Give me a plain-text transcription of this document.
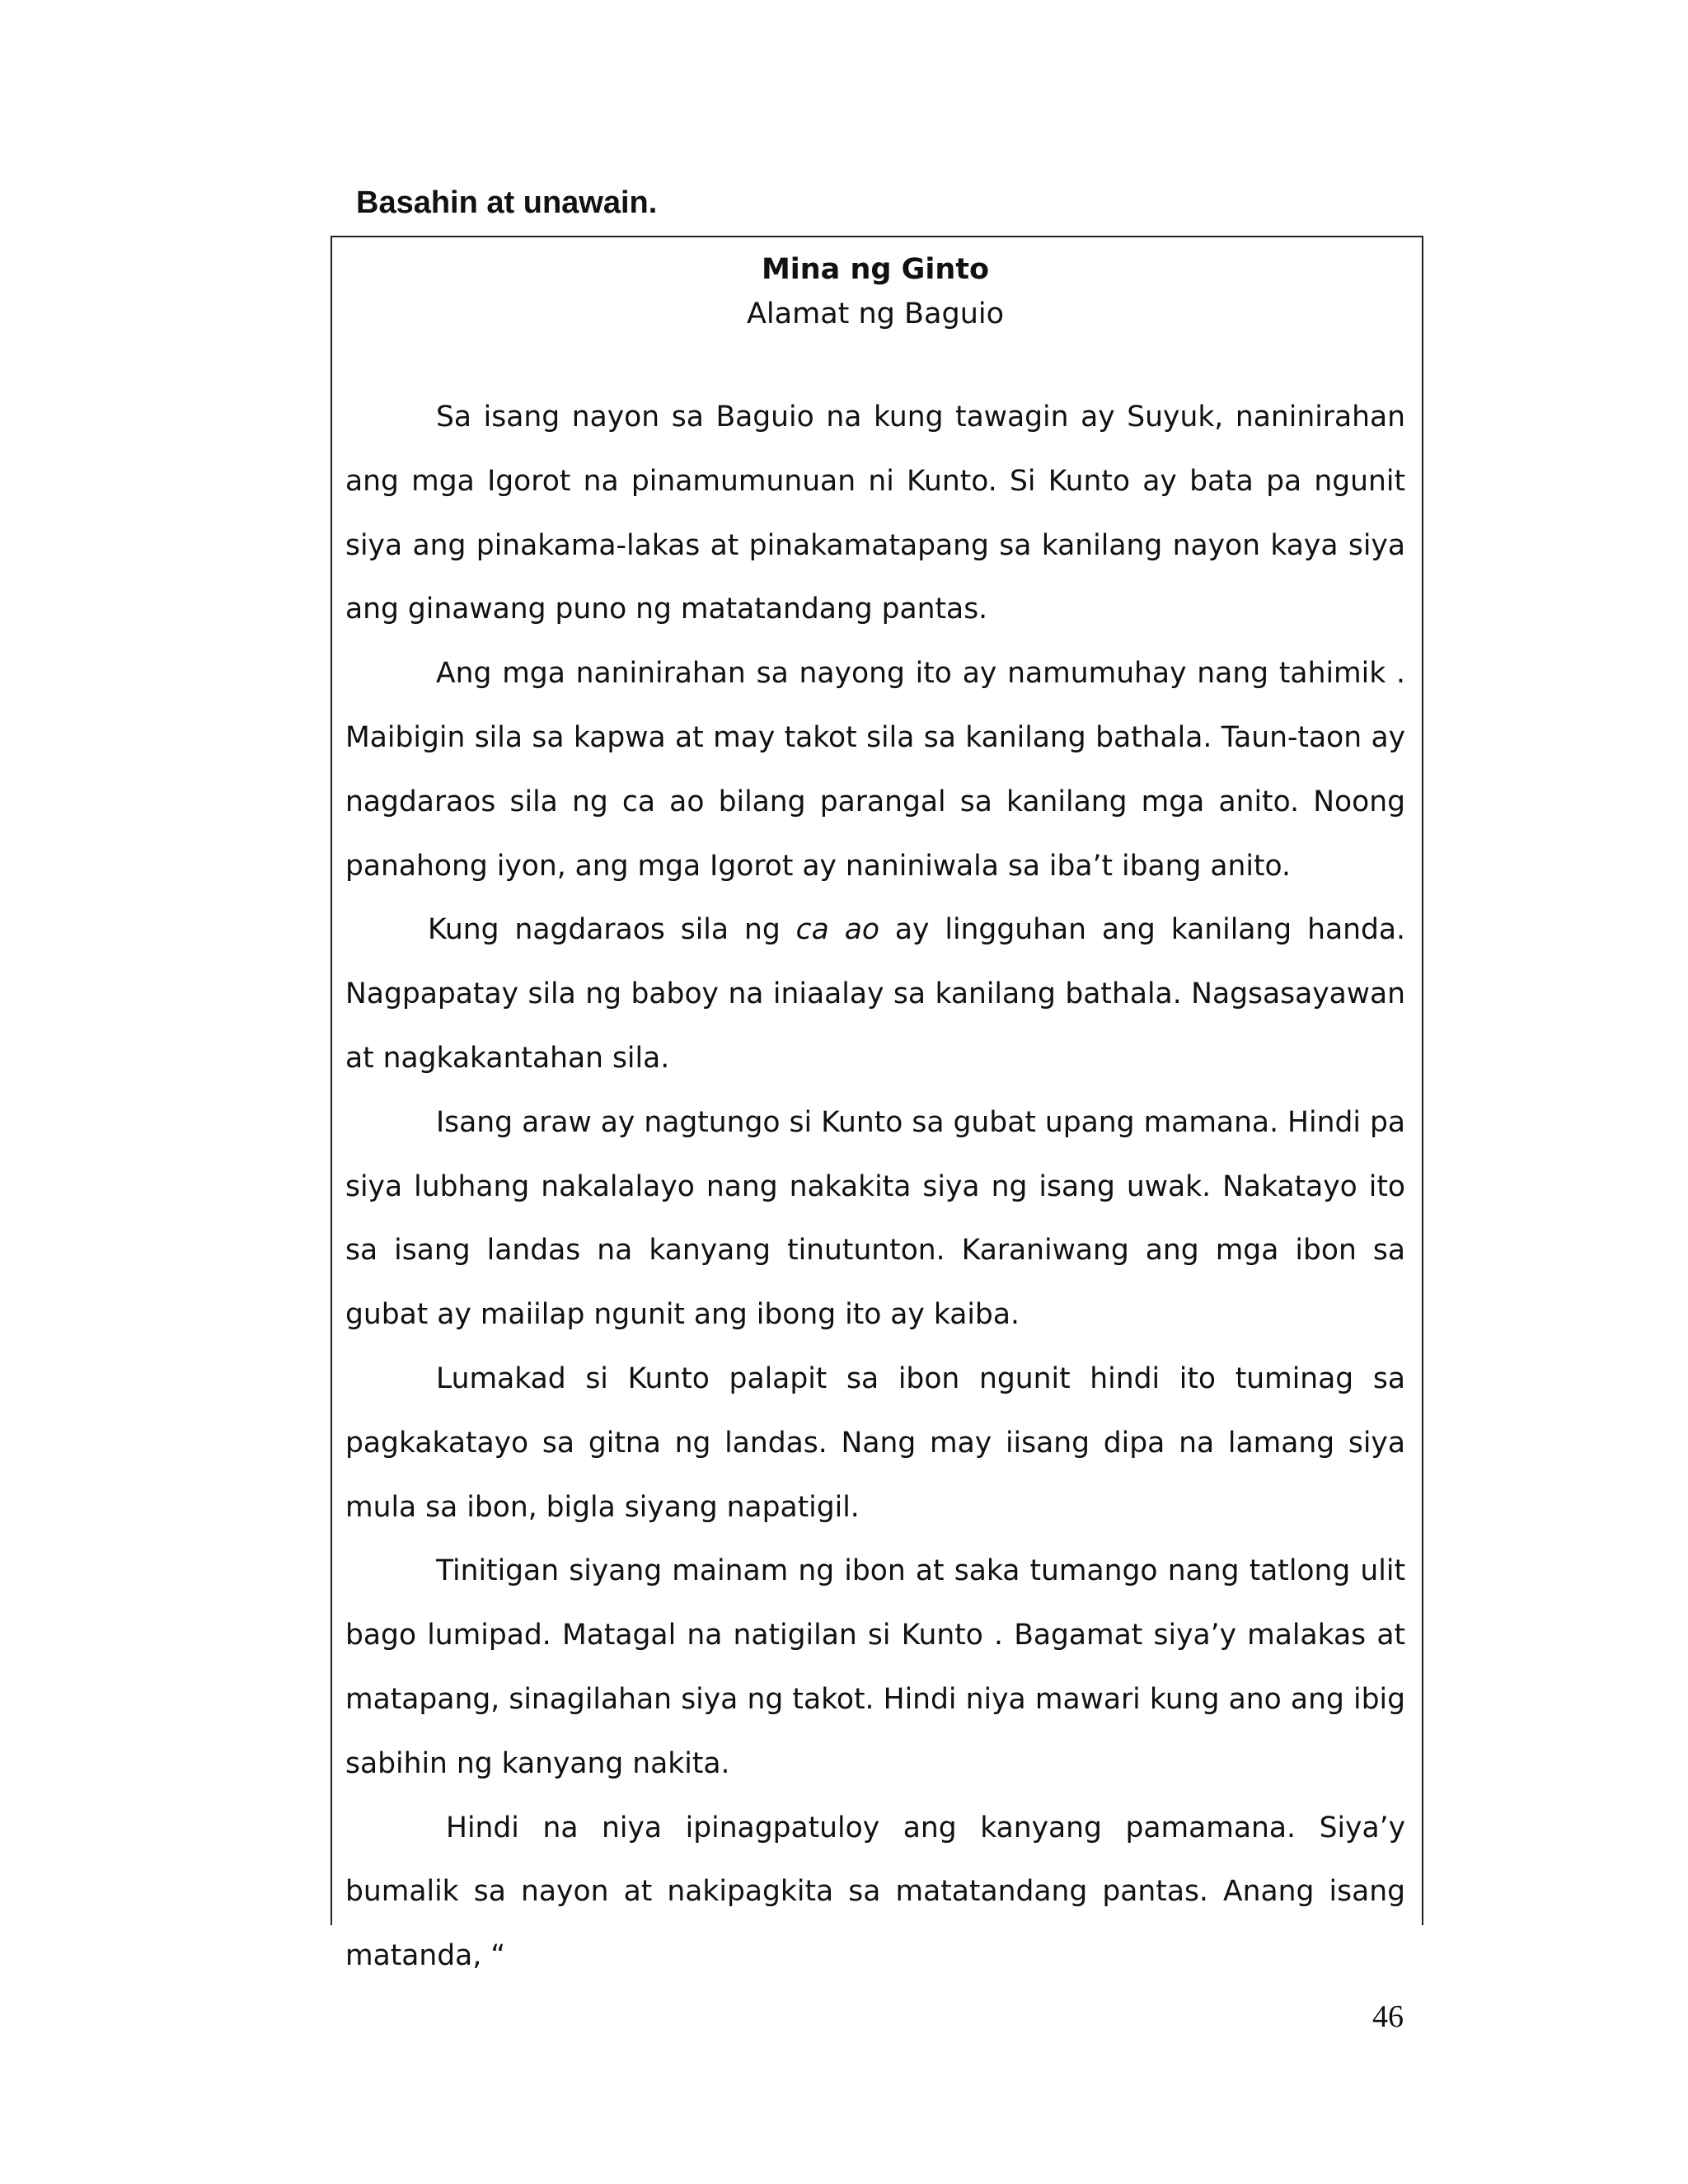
Basahin at unawain.

Mina ng Ginto

Alamat ng Baguio

Sa isang nayon sa Baguio na kung tawagin ay Suyuk, naninirahan ang mga Igorot na pinamumunuan ni Kunto. Si Kunto ay bata pa ngunit siya ang pinakama-lakas at pinakamatapang sa kanilang nayon kaya siya ang ginawang puno ng matatandang pantas.

Ang mga naninirahan sa nayong ito ay namumuhay nang tahimik . Maibigin sila sa kapwa at may takot sila sa kanilang bathala. Taun-taon ay nagdaraos sila ng ca ao bilang parangal sa kanilang mga anito. Noong panahong iyon, ang mga Igorot ay naniniwala sa iba’t ibang anito.

Kung nagdaraos sila ng ca ao ay lingguhan ang kanilang handa. Nagpapatay sila ng baboy na iniaalay sa kanilang bathala. Nagsasayawan at nagkakantahan sila.

Isang araw ay nagtungo si Kunto sa gubat upang mamana. Hindi pa siya lubhang nakalalayo nang nakakita siya ng isang uwak. Nakatayo ito sa isang landas na kanyang tinutunton. Karaniwang ang mga ibon sa gubat ay maiilap ngunit ang ibong ito ay kaiba.

Lumakad si Kunto palapit sa ibon ngunit hindi ito tuminag sa pagkakatayo sa gitna ng landas. Nang may iisang dipa na lamang siya mula sa ibon, bigla siyang napatigil.

Tinitigan siyang mainam ng ibon at saka tumango nang tatlong ulit bago lumipad. Matagal na natigilan si Kunto . Bagamat siya’y malakas at matapang, sinagilahan siya ng takot. Hindi niya mawari kung ano ang ibig sabihin ng kanyang nakita.

Hindi na niya ipinagpatuloy ang kanyang pamamana. Siya’y bumalik sa nayon at nakipagkita sa matatandang pantas. Anang isang matanda, “

46
